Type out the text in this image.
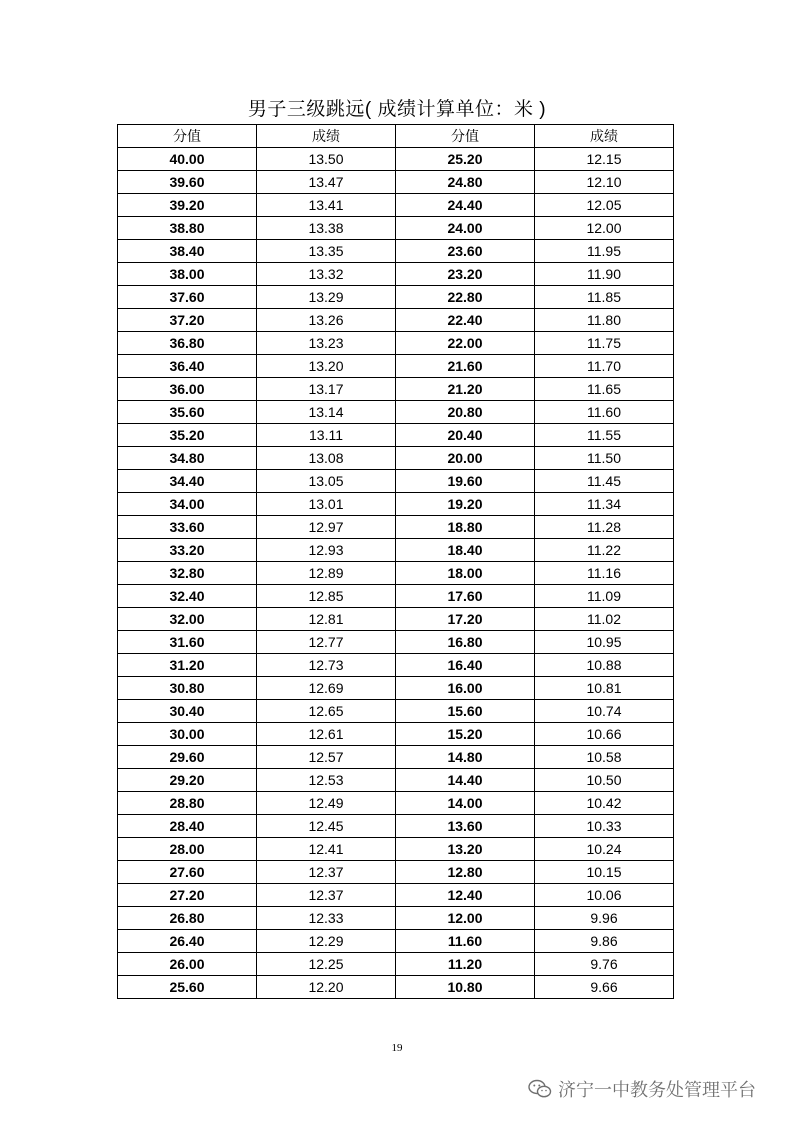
男子三级跳远( 成绩计算单位：米 )
分值	成绩	分值	成绩
40.00	13.50	25.20	12.15
39.60	13.47	24.80	12.10
39.20	13.41	24.40	12.05
38.80	13.38	24.00	12.00
38.40	13.35	23.60	11.95
38.00	13.32	23.20	11.90
37.60	13.29	22.80	11.85
37.20	13.26	22.40	11.80
36.80	13.23	22.00	11.75
36.40	13.20	21.60	11.70
36.00	13.17	21.20	11.65
35.60	13.14	20.80	11.60
35.20	13.11	20.40	11.55
34.80	13.08	20.00	11.50
34.40	13.05	19.60	11.45
34.00	13.01	19.20	11.34
33.60	12.97	18.80	11.28
33.20	12.93	18.40	11.22
32.80	12.89	18.00	11.16
32.40	12.85	17.60	11.09
32.00	12.81	17.20	11.02
31.60	12.77	16.80	10.95
31.20	12.73	16.40	10.88
30.80	12.69	16.00	10.81
30.40	12.65	15.60	10.74
30.00	12.61	15.20	10.66
29.60	12.57	14.80	10.58
29.20	12.53	14.40	10.50
28.80	12.49	14.00	10.42
28.40	12.45	13.60	10.33
28.00	12.41	13.20	10.24
27.60	12.37	12.80	10.15
27.20	12.37	12.40	10.06
26.80	12.33	12.00	9.96
26.40	12.29	11.60	9.86
26.00	12.25	11.20	9.76
25.60	12.20	10.80	9.66
19
济宁一中教务处管理平台
